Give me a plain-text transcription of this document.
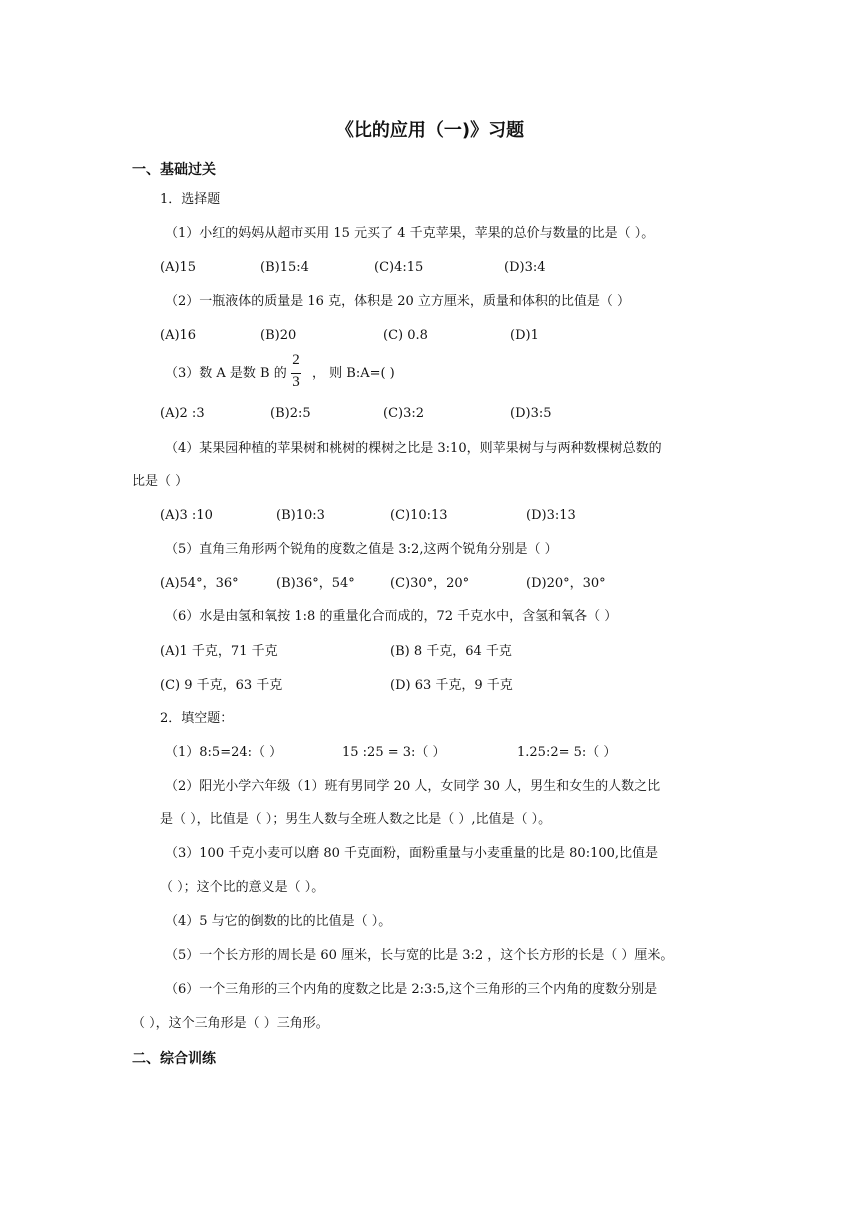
《比的应用（一)》习题
一、基础过关
1．选择题
（1）小红的妈妈从超市买用 15 元买了 4 千克苹果，苹果的总价与数量的比是（ ）。
(A)15	(B)15:4	(C)4:15	(D)3:4
（2）一瓶液体的质量是 16 克，体积是 20 立方厘米，质量和体积的比值是（ ）
(A)16	(B)20	(C) 0.8	(D)1
（3）数 A 是数 B 的
2
3
， 则 B:A=( )
(A)2 :3	(B)2:5	(C)3:2	(D)3:5
（4）某果园种植的苹果树和桃树的棵树之比是 3:10，则苹果树与与两种数棵树总数的
比是（ ）
(A)3 :10	(B)10:3	(C)10:13	(D)3:13
（5）直角三角形两个锐角的度数之值是 3:2,这两个锐角分别是（ ）
(A)54°，36°	(B)36°，54°	(C)30°，20°	(D)20°，30°
（6）水是由氢和氧按 1:8 的重量化合而成的，72 千克水中，含氢和氧各（ ）
(A)1 千克，71 千克	(B) 8 千克，64 千克
(C) 9 千克，63 千克	(D) 63 千克，9 千克
2．填空题：
（1）8:5=24:（ ）	15 :25 = 3:（ ）	1.25:2= 5:（ ）
（2）阳光小学六年级（1）班有男同学 20 人，女同学 30 人，男生和女生的人数之比
是（ ），比值是（ ）；男生人数与全班人数之比是（ ）,比值是（ ）。
（3）100 千克小麦可以磨 80 千克面粉，面粉重量与小麦重量的比是 80:100,比值是
（ ）；这个比的意义是（ ）。
（4）5 与它的倒数的比的比值是（ ）。
（5）一个长方形的周长是 60 厘米，长与宽的比是 3:2 ，这个长方形的长是（ ）厘米。
（6）一个三角形的三个内角的度数之比是 2:3:5,这个三角形的三个内角的度数分别是
（ ），这个三角形是（ ）三角形。
二、综合训练
